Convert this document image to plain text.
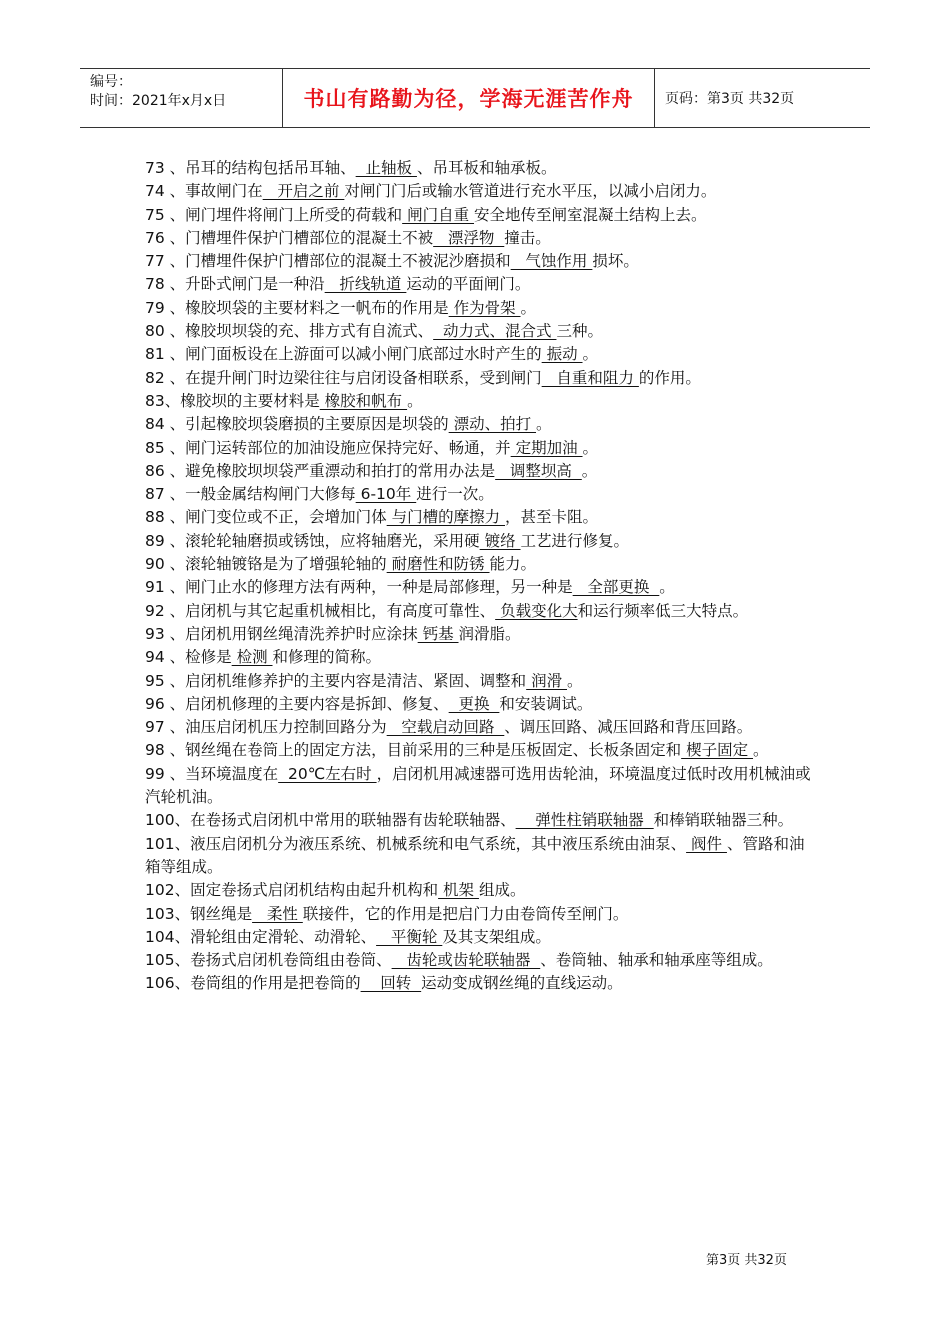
编号：
时间：2021年x月x日	书山有路勤为径，学海无涯苦作舟	页码：第3页 共32页

73 、吊耳的结构包括吊耳轴、  止轴板 、吊耳板和轴承板。

74 、事故闸门在   开启之前 对闸门门后或输水管道进行充水平压，以减小启闭力。

75 、闸门埋件将闸门上所受的荷载和 闸门自重 安全地传至闸室混凝土结构上去。

76 、门槽埋件保护门槽部位的混凝土不被   漂浮物  撞击。

77 、门槽埋件保护门槽部位的混凝土不被泥沙磨损和   气蚀作用 损坏。

78 、升卧式闸门是一种沿   折线轨道 运动的平面闸门。

79 、橡胶坝袋的主要材料之一帆布的作用是 作为骨架 。

80 、橡胶坝坝袋的充、排方式有自流式、  动力式、混合式 三种。

81 、闸门面板设在上游面可以减小闸门底部过水时产生的 振动 。

82 、在提升闸门时边梁往往与启闭设备相联系，受到闸门   自重和阻力 的作用。

83、橡胶坝的主要材料是 橡胶和帆布 。

84 、引起橡胶坝袋磨损的主要原因是坝袋的 漂动、拍打 。

85 、闸门运转部位的加油设施应保持完好、畅通，并 定期加油 。

86 、避免橡胶坝坝袋严重漂动和拍打的常用办法是   调整坝高  。

87 、一般金属结构闸门大修每 6-10年 进行一次。

88 、闸门变位或不正，会增加门体 与门槽的摩擦力 ，甚至卡阻。

89 、滚轮轮轴磨损或锈蚀，应将轴磨光，采用硬 镀络 工艺进行修复。

90 、滚轮轴镀铬是为了增强轮轴的 耐磨性和防锈 能力。

91 、闸门止水的修理方法有两种，一种是局部修理，另一种是   全部更换  。

92 、启闭机与其它起重机械相比，有高度可靠性、 负载变化大和运行频率低三大特点。

93 、启闭机用钢丝绳清洗养护时应涂抹 钙基 润滑脂。

94 、检修是 检测 和修理的简称。

95 、启闭机维修养护的主要内容是清洁、紧固、调整和 润滑 。

96 、启闭机修理的主要内容是拆卸、修复、  更换  和安装调试。

97 、油压启闭机压力控制回路分为   空载启动回路  、调压回路、减压回路和背压回路。

98 、钢丝绳在卷筒上的固定方法，目前采用的三种是压板固定、长板条固定和 楔子固定 。

99 、当环境温度在  20℃左右时 ，启闭机用减速器可选用齿轮油，环境温度过低时改用机械油或汽轮机油。

100、在卷扬式启闭机中常用的联轴器有齿轮联轴器、    弹性柱销联轴器  和棒销联轴器三种。

101、液压启闭机分为液压系统、机械系统和电气系统，其中液压系统由油泵、 阀件 、管路和油箱等组成。

102、固定卷扬式启闭机结构由起升机构和 机架 组成。

103、钢丝绳是   柔性 联接件，它的作用是把启门力由卷筒传至闸门。

104、滑轮组由定滑轮、动滑轮、   平衡轮 及其支架组成。

105、卷扬式启闭机卷筒组由卷筒、   齿轮或齿轮联轴器  、卷筒轴、轴承和轴承座等组成。

106、卷筒组的作用是把卷筒的    回转  运动变成钢丝绳的直线运动。

第3页 共32页
